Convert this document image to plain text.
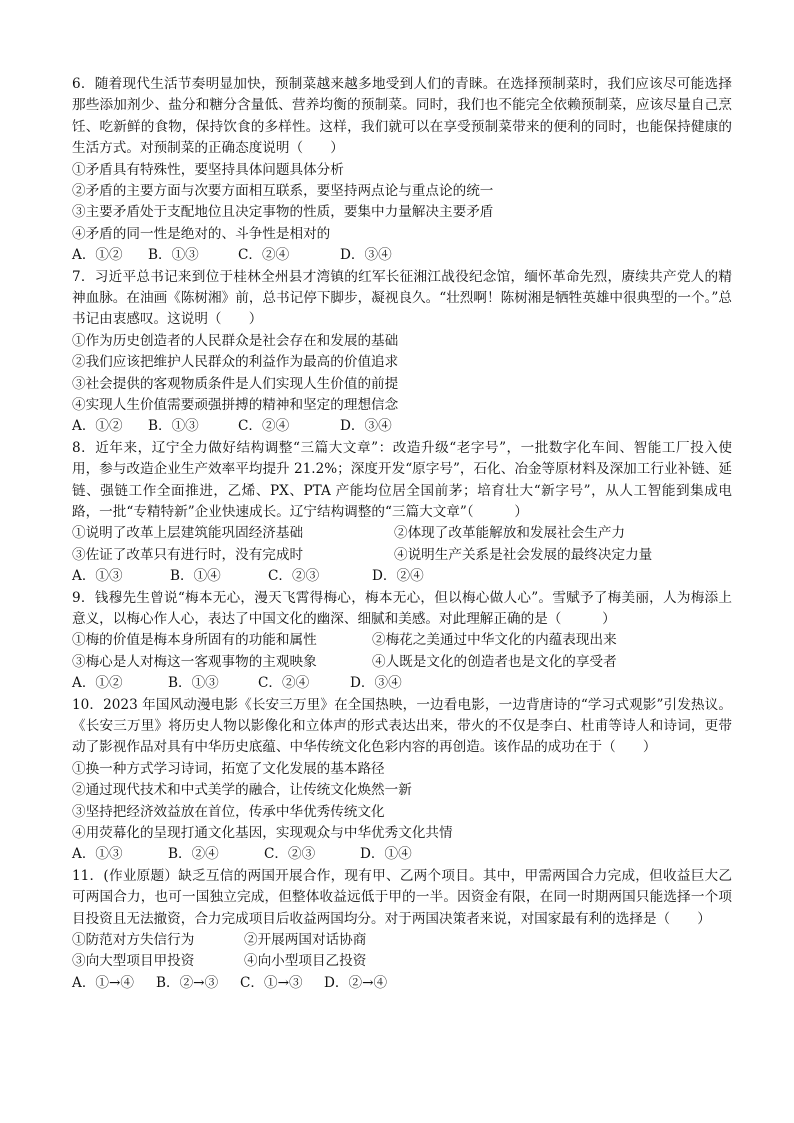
6．随着现代生活节奏明显加快，预制菜越来越多地受到人们的青睐。在选择预制菜时，我们应该尽可能选择那些添加剂少、盐分和糖分含量低、营养均衡的预制菜。同时，我们也不能完全依赖预制菜，应该尽量自己烹饪、吃新鲜的食物，保持饮食的多样性。这样，我们就可以在享受预制菜带来的便利的同时，也能保持健康的生活方式。对预制菜的正确态度说明（　　）
①矛盾具有特殊性，要坚持具体问题具体分析
②矛盾的主要方面与次要方面相互联系，要坚持两点论与重点论的统一
③主要矛盾处于支配地位且决定事物的性质，要集中力量解决主要矛盾
④矛盾的同一性是绝对的、斗争性是相对的
A．①②	B．①③	C．②④	D．③④
7．习近平总书记来到位于桂林全州县才湾镇的红军长征湘江战役纪念馆，缅怀革命先烈，赓续共产党人的精神血脉。在油画《陈树湘》前，总书记停下脚步，凝视良久。“壮烈啊！陈树湘是牺牲英雄中很典型的一个。”总书记由衷感叹。这说明（　　）
①作为历史创造者的人民群众是社会存在和发展的基础
②我们应该把维护人民群众的利益作为最高的价值追求
③社会提供的客观物质条件是人们实现人生价值的前提
④实现人生价值需要顽强拼搏的精神和坚定的理想信念
A．①②	B．①③	C．②④	D．③④
8．近年来，辽宁全力做好结构调整“三篇大文章”：改造升级“老字号”，一批数字化车间、智能工厂投入使用，参与改造企业生产效率平均提升 21.2%；深度开发“原字号”，石化、冶金等原材料及深加工行业补链、延链、强链工作全面推进，乙烯、PX、PTA 产能均位居全国前茅；培育壮大“新字号”，从人工智能到集成电路，一批“专精特新”企业快速成长。辽宁结构调整的“三篇大文章”（　　　）
①说明了改革上层建筑能巩固经济基础	②体现了改革能解放和发展社会生产力
③佐证了改革只有进行时，没有完成时	④说明生产关系是社会发展的最终决定力量
A．①③	B．①④	C．②③	D．②④
9．钱穆先生曾说“梅本无心，漫天飞霄得梅心，梅本无心，但以梅心做人心”。雪赋予了梅美丽，人为梅添上意义，以梅心作人心，表达了中国文化的幽深、细腻和美感。对此理解正确的是（　　　）
①梅的价值是梅本身所固有的功能和属性	②梅花之美通过中华文化的内蕴表现出来
③梅心是人对梅这一客观事物的主观映象	④人既是文化的创造者也是文化的享受者
A．①②	B．①③	C．②④	D．③④
10．2023 年国风动漫电影《长安三万里》在全国热映，一边看电影，一边背唐诗的“学习式观影”引发热议。《长安三万里》将历史人物以影像化和立体声的形式表达出来，带火的不仅是李白、杜甫等诗人和诗词，更带动了影视作品对具有中华历史底蕴、中华传统文化色彩内容的再创造。该作品的成功在于（　　）
①换一种方式学习诗词，拓宽了文化发展的基本路径
②通过现代技术和中式美学的融合，让传统文化焕然一新
③坚持把经济效益放在首位，传承中华优秀传统文化
④用荧幕化的呈现打通文化基因，实现观众与中华优秀文化共情
A．①③	B．②④	C．②③	D．①④
11．(作业原题）缺乏互信的两国开展合作，现有甲、乙两个项目。其中，甲需两国合力完成，但收益巨大乙可两国合力，也可一国独立完成，但整体收益远低于甲的一半。因资金有限，在同一时期两国只能选择一个项目投资且无法撤资，合力完成项目后收益两国均分。对于两国决策者来说，对国家最有利的选择是（　　）
①防范对方失信行为	②开展两国对话协商
③向大型项目甲投资	④向小型项目乙投资
A．①→④	B．②→③	C．①→③	D．②→④
